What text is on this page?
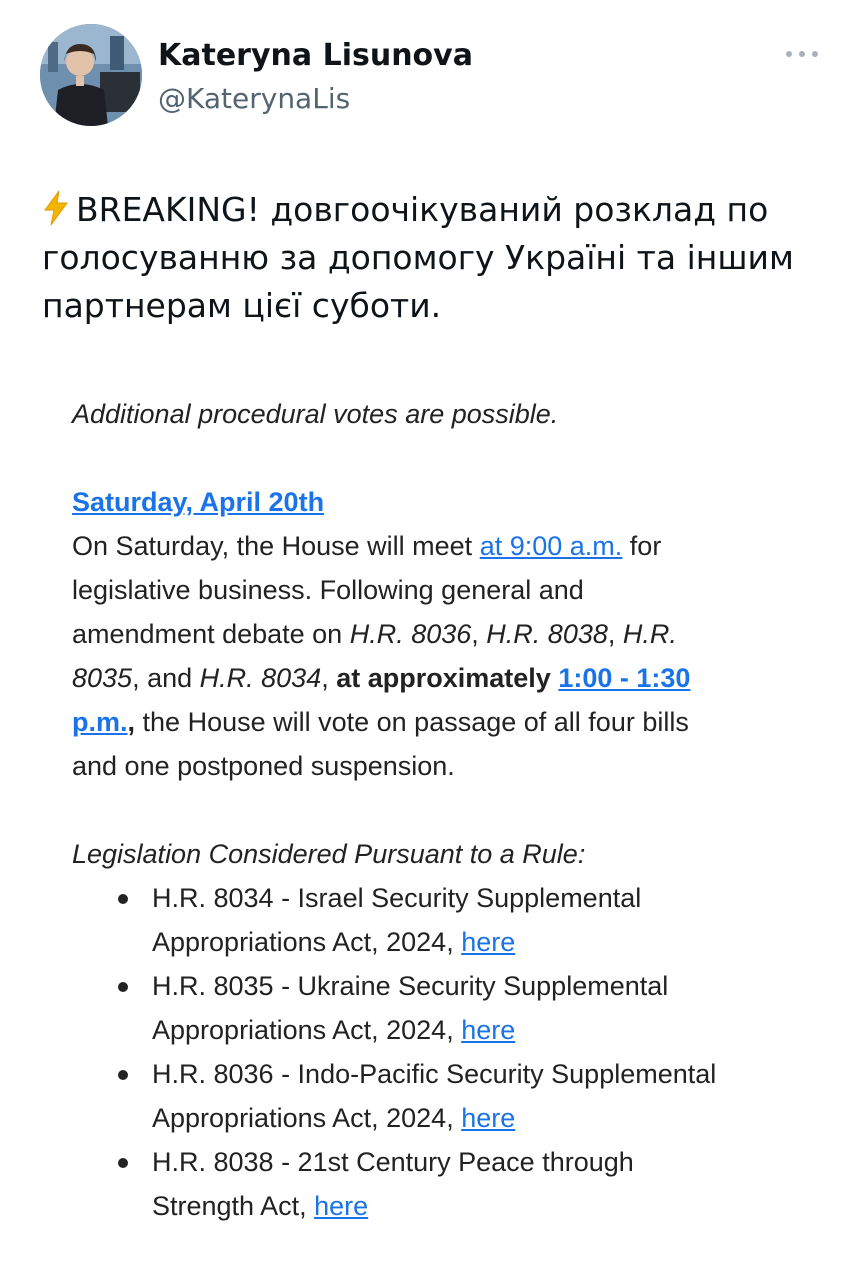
Kateryna Lisunova
@KaterynaLis
BREAKING! довгоочікуваний розклад по
голосуванню за допомогу Україні та іншим
партнерам цієї суботи.
Additional procedural votes are possible.
Saturday, April 20th
On Saturday, the House will meet at 9:00 a.m. for
legislative business. Following general and
amendment debate on H.R. 8036, H.R. 8038, H.R.
8035, and H.R. 8034, at approximately 1:00 - 1:30
p.m., the House will vote on passage of all four bills
and one postponed suspension.
Legislation Considered Pursuant to a Rule:
H.R. 8034 - Israel Security Supplemental
Appropriations Act, 2024, here
H.R. 8035 - Ukraine Security Supplemental
Appropriations Act, 2024, here
H.R. 8036 - Indo-Pacific Security Supplemental
Appropriations Act, 2024, here
H.R. 8038 - 21st Century Peace through
Strength Act, here
